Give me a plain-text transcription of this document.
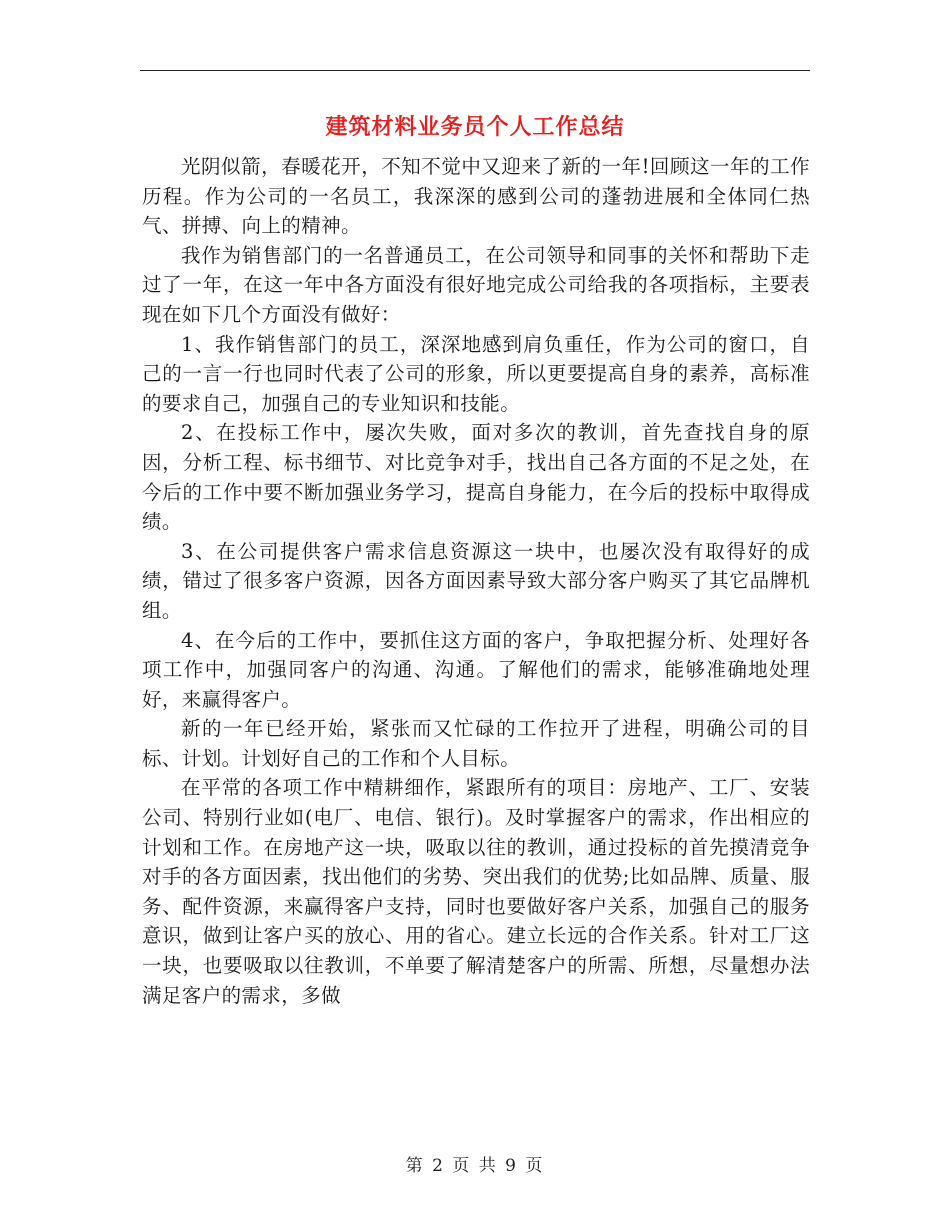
建筑材料业务员个人工作总结

光阴似箭，春暖花开，不知不觉中又迎来了新的一年!回顾这一年的工作历程。作为公司的一名员工，我深深的感到公司的蓬勃进展和全体同仁热气、拼搏、向上的精神。

我作为销售部门的一名普通员工，在公司领导和同事的关怀和帮助下走过了一年，在这一年中各方面没有很好地完成公司给我的各项指标，主要表现在如下几个方面没有做好：

1、我作销售部门的员工，深深地感到肩负重任，作为公司的窗口，自己的一言一行也同时代表了公司的形象，所以更要提高自身的素养，高标准的要求自己，加强自己的专业知识和技能。

2、在投标工作中，屡次失败，面对多次的教训，首先查找自身的原因，分析工程、标书细节、对比竞争对手，找出自己各方面的不足之处，在今后的工作中要不断加强业务学习，提高自身能力，在今后的投标中取得成绩。

3、在公司提供客户需求信息资源这一块中，也屡次没有取得好的成绩，错过了很多客户资源，因各方面因素导致大部分客户购买了其它品牌机组。

4、在今后的工作中，要抓住这方面的客户，争取把握分析、处理好各项工作中，加强同客户的沟通、沟通。了解他们的需求，能够准确地处理好，来赢得客户。

新的一年已经开始，紧张而又忙碌的工作拉开了进程，明确公司的目标、计划。计划好自己的工作和个人目标。

在平常的各项工作中精耕细作，紧跟所有的项目：房地产、工厂、安装公司、特别行业如(电厂、电信、银行)。及时掌握客户的需求，作出相应的计划和工作。在房地产这一块，吸取以往的教训，通过投标的首先摸清竞争对手的各方面因素，找出他们的劣势、突出我们的优势;比如品牌、质量、服务、配件资源，来赢得客户支持，同时也要做好客户关系，加强自己的服务意识，做到让客户买的放心、用的省心。建立长远的合作关系。针对工厂这一块，也要吸取以往教训，不单要了解清楚客户的所需、所想，尽量想办法满足客户的需求，多做

第 2 页 共 9 页
